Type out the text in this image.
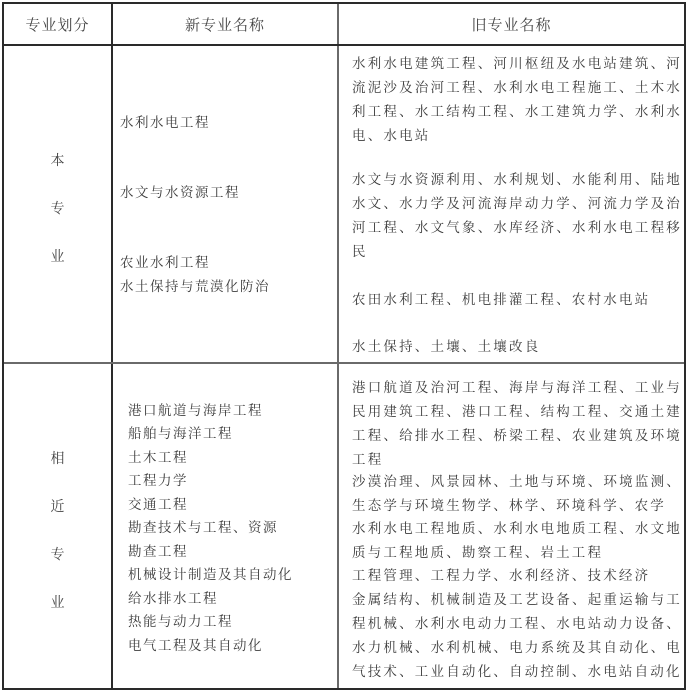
专业划分	新专业名称	旧专业名称
本
专
业
水利水电工程
水文与水资源工程
农业水利工程
水土保持与荒漠化防治

水利水电建筑工程、河川枢纽及水电站建筑、河流泥沙及治河工程、水利水电工程施工、土木水利工程、水工结构工程、水工建筑力学、水利水电、水电站

水文与水资源利用、水利规划、水能利用、陆地水文、水力学及河流海岸动力学、河流力学及治河工程、水文气象、水库经济、水利水电工程移民

农田水利工程、机电排灌工程、农村水电站

水土保持、土壤、土壤改良

相
近
专
业
港口航道与海岸工程
船舶与海洋工程
土木工程
工程力学
交通工程
勘查技术与工程、资源
勘查工程
机械设计制造及其自动化
给水排水工程
热能与动力工程
电气工程及其自动化

港口航道及治河工程、海岸与海洋工程、工业与民用建筑工程、港口工程、结构工程、交通土建工程、给排水工程、桥梁工程、农业建筑及环境工程

沙漠治理、风景园林、土地与环境、环境监测、生态学与环境生物学、林学、环境科学、农学

水利水电工程地质、水利水电地质工程、水文地质与工程地质、勘察工程、岩土工程

工程管理、工程力学、水利经济、技术经济

金属结构、机械制造及工艺设备、起重运输与工程机械、水利水电动力工程、水电站动力设备、水力机械、水利机械、电力系统及其自动化、电气技术、工业自动化、自动控制、水电站自动化
